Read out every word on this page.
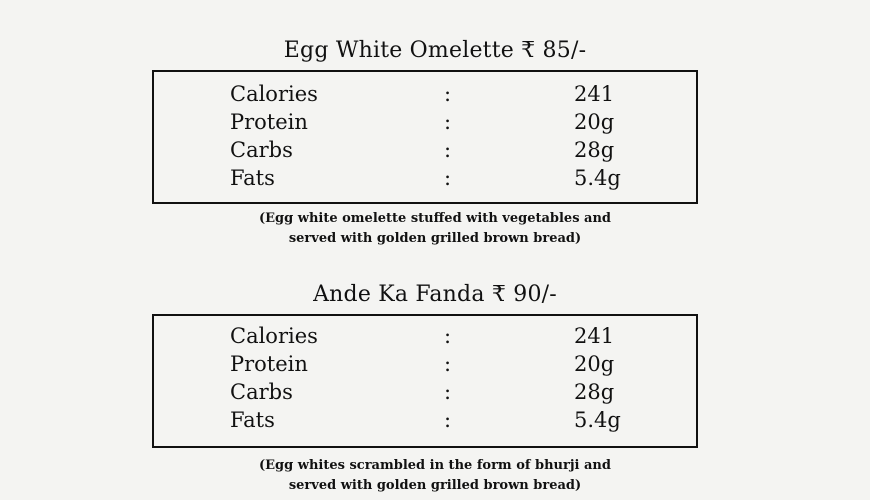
Egg White Omelette ₹ 85/-
Calories	:	241
Protein	:	20g
Carbs	:	28g
Fats	:	5.4g
(Egg white omelette stuffed with vegetables and
served with golden grilled brown bread)
Ande Ka Fanda ₹ 90/-
Calories	:	241
Protein	:	20g
Carbs	:	28g
Fats	:	5.4g
(Egg whites scrambled in the form of bhurji and
served with golden grilled brown bread)
